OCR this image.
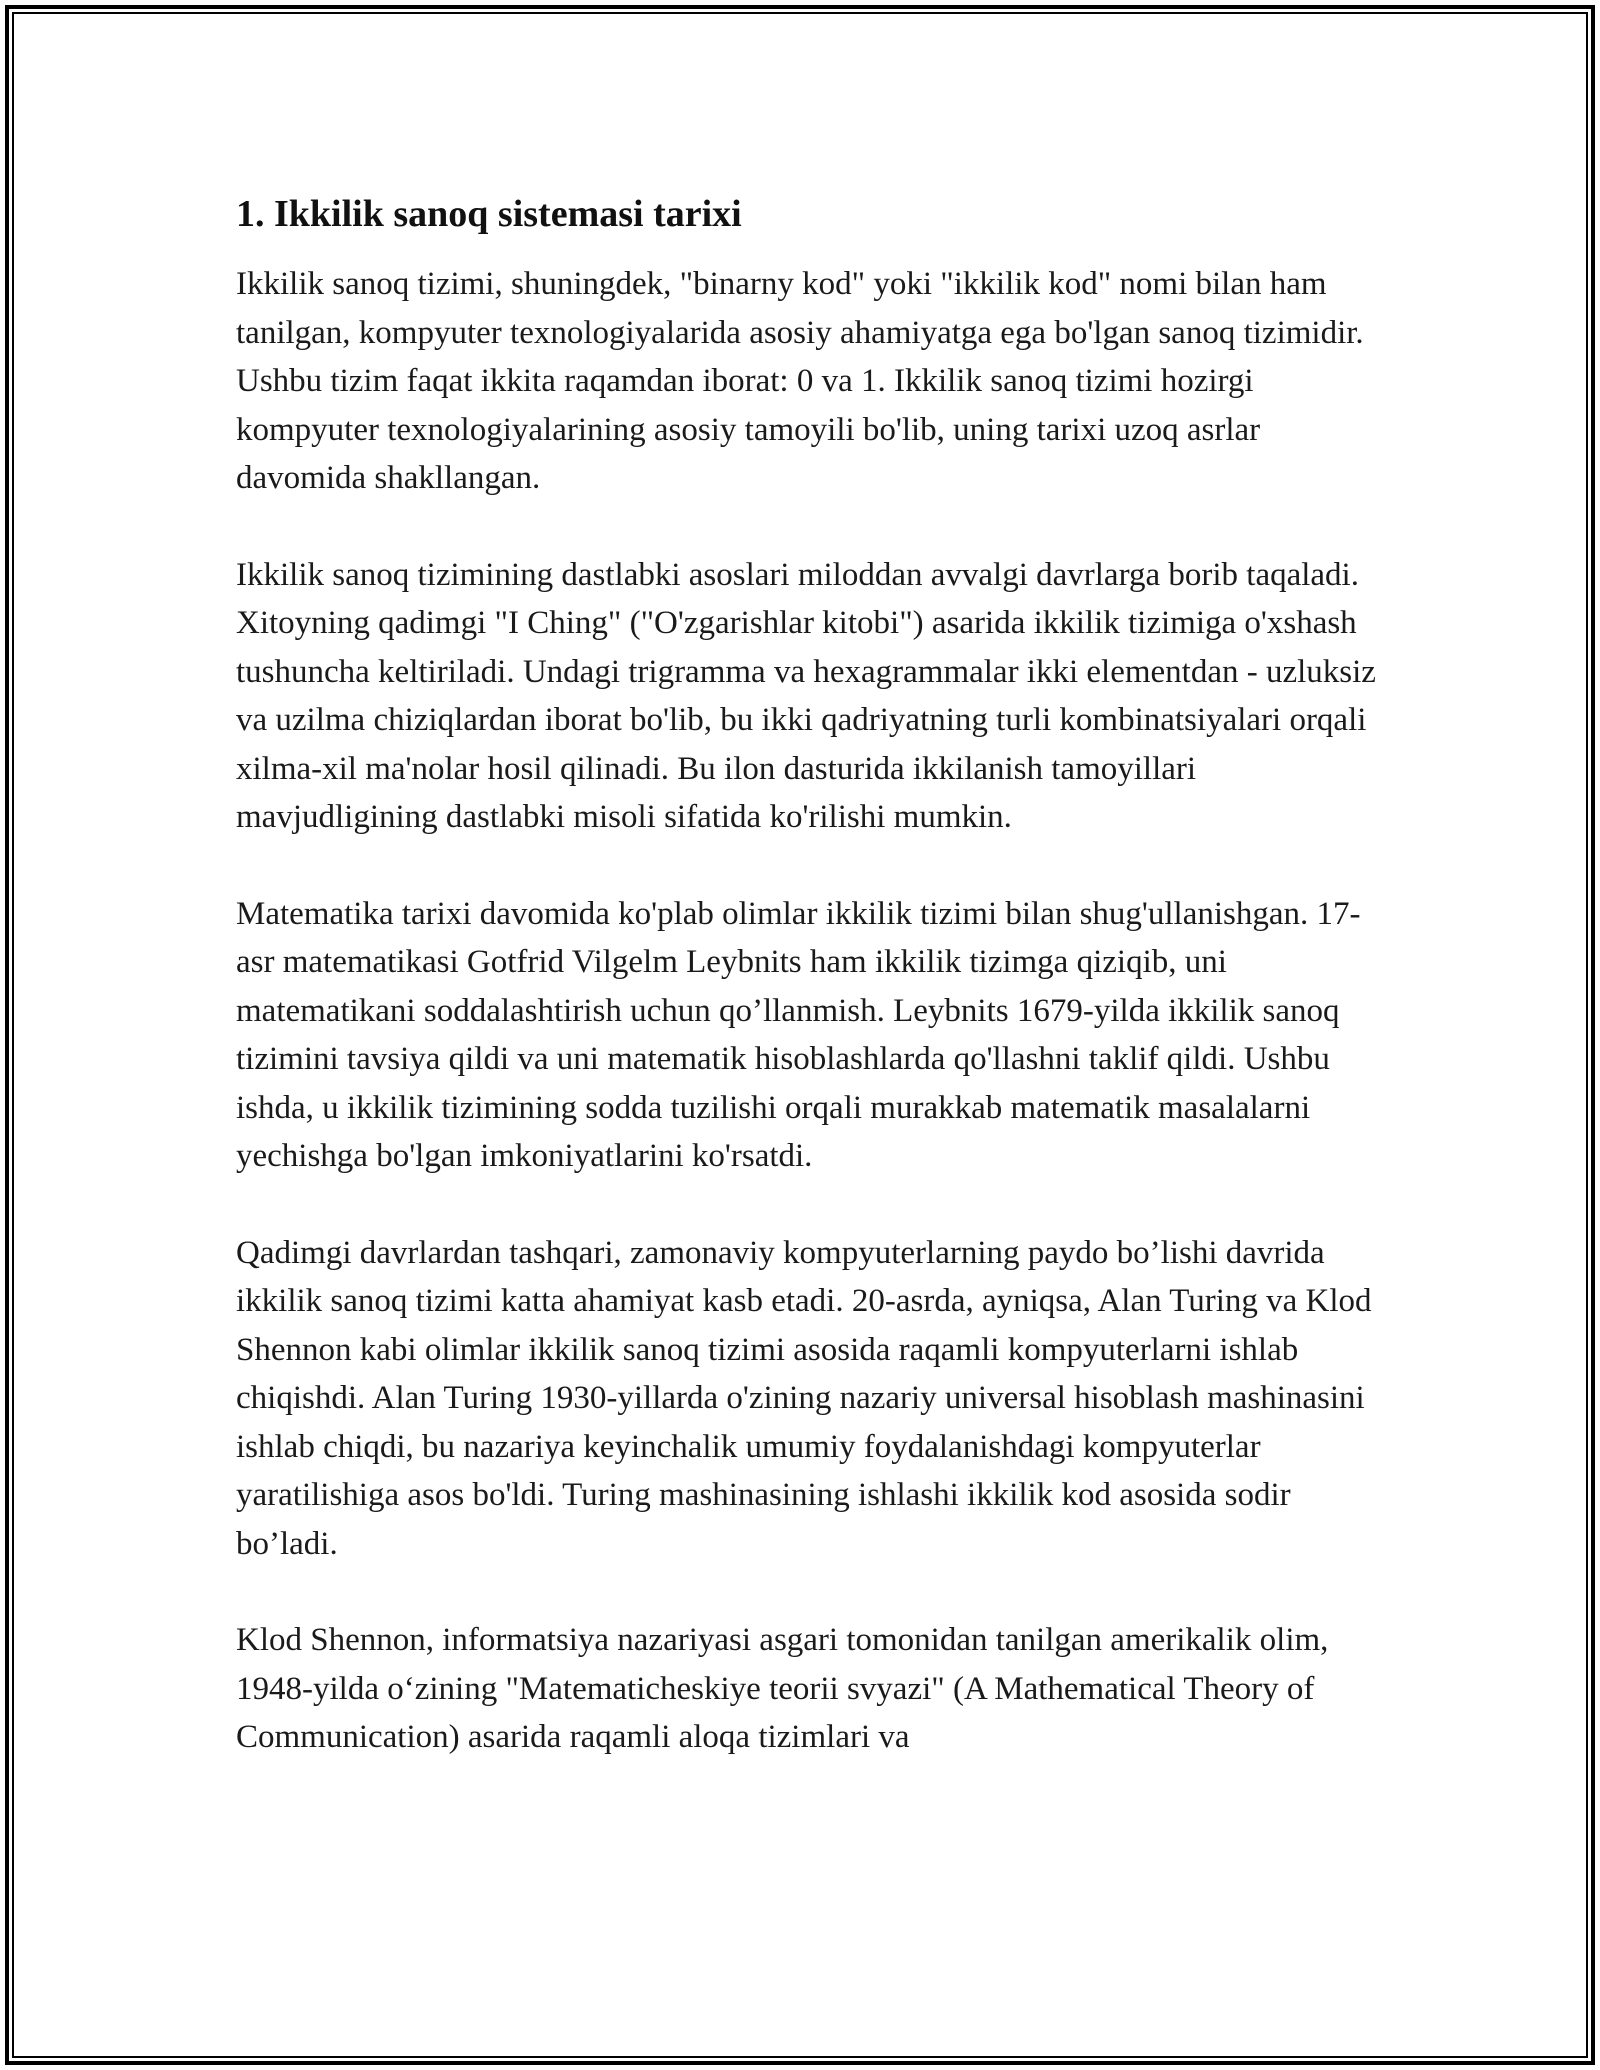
1. Ikkilik sanoq sistemasi tarixi

Ikkilik sanoq tizimi, shuningdek, "binarny kod" yoki "ikkilik kod" nomi bilan ham tanilgan, kompyuter texnologiyalarida asosiy ahamiyatga ega bo'lgan sanoq tizimidir. Ushbu tizim faqat ikkita raqamdan iborat: 0 va 1. Ikkilik sanoq tizimi hozirgi kompyuter texnologiyalarining asosiy tamoyili bo'lib, uning tarixi uzoq asrlar davomida shakllangan.

Ikkilik sanoq tizimining dastlabki asoslari miloddan avvalgi davrlarga borib taqaladi. Xitoyning qadimgi "I Ching" ("O'zgarishlar kitobi") asarida ikkilik tizimiga o'xshash tushuncha keltiriladi. Undagi trigramma va hexagrammalar ikki elementdan - uzluksiz va uzilma chiziqlardan iborat bo'lib, bu ikki qadriyatning turli kombinatsiyalari orqali xilma-xil ma'nolar hosil qilinadi. Bu ilon dasturida ikkilanish tamoyillari mavjudligining dastlabki misoli sifatida ko'rilishi mumkin.

Matematika tarixi davomida ko'plab olimlar ikkilik tizimi bilan shug'ullanishgan. 17-asr matematikasi Gotfrid Vilgelm Leybnits ham ikkilik tizimga qiziqib, uni matematikani soddalashtirish uchun qo’llanmish. Leybnits 1679-yilda ikkilik sanoq tizimini tavsiya qildi va uni matematik hisoblashlarda qo'llashni taklif qildi. Ushbu ishda, u ikkilik tizimining sodda tuzilishi orqali murakkab matematik masalalarni yechishga bo'lgan imkoniyatlarini ko'rsatdi.

Qadimgi davrlardan tashqari, zamonaviy kompyuterlarning paydo bo’lishi davrida ikkilik sanoq tizimi katta ahamiyat kasb etadi. 20-asrda, ayniqsa, Alan Turing va Klod Shennon kabi olimlar ikkilik sanoq tizimi asosida raqamli kompyuterlarni ishlab chiqishdi. Alan Turing 1930-yillarda o'zining nazariy universal hisoblash mashinasini ishlab chiqdi, bu nazariya keyinchalik umumiy foydalanishdagi kompyuterlar yaratilishiga asos bo'ldi. Turing mashinasining ishlashi ikkilik kod asosida sodir bo’ladi.

Klod Shennon, informatsiya nazariyasi asgari tomonidan tanilgan amerikalik olim, 1948-yilda o‘zining "Matematicheskiye teorii svyazi" (A Mathematical Theory of Communication) asarida raqamli aloqa tizimlari va
